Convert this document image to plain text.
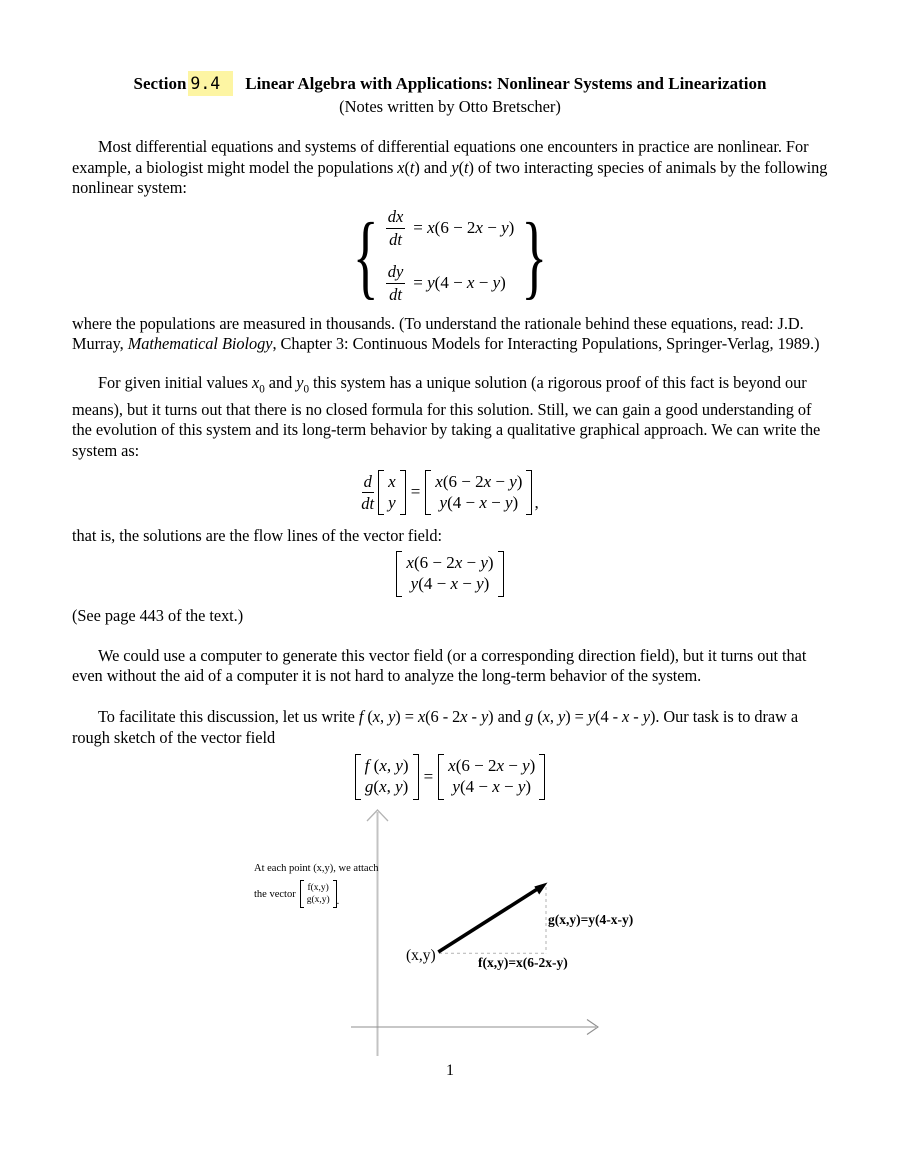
Section 9.4 Linear Algebra with Applications: Nonlinear Systems and Linearization
(Notes written by Otto Bretscher)

Most differential equations and systems of differential equations one encounters in practice are nonlinear. For example, a biologist might model the populations x(t) and y(t) of two interacting species of animals by the following nonlinear system:

{ $\frac{dx}{dt} = x(6 - 2x - y)$
$\frac{dy}{dt} = y(4 - x - y)$ }

where the populations are measured in thousands. (To understand the rationale behind these equations, read: J.D. Murray, Mathematical Biology, Chapter 3: Continuous Models for Interacting Populations, Springer-Verlag, 1989.)

For given initial values $x_0$ and $y_0$ this system has a unique solution (a rigorous proof of this fact is beyond our means), but it turns out that there is no closed formula for this solution. Still, we can gain a good understanding of the evolution of this system and its long-term behavior by taking a qualitative graphical approach. We can write the system as:

$\frac{d}{dt}$ x
y
=
x(6 − 2x − y)
y(4 − x − y) ,

that is, the solutions are the flow lines of the vector field:

x(6 − 2x − y)
y(4 − x − y)

(See page 443 of the text.)

We could use a computer to generate this vector field (or a corresponding direction field), but it turns out that even without the aid of a computer it is not hard to analyze the long-term behavior of the system.

To facilitate this discussion, let us write f (x, y) = x(6 - 2x - y) and g (x, y) = y(4 - x - y). Our task is to draw a rough sketch of the vector field

f (x, y)
g(x, y)
=
x(6 − 2x − y)
y(4 − x − y)
At each point (x,y), we attach
the vector
f(x,y)
g(x,y) .
(x,y)	f(x,y)=x(6-2x-y)
g(x,y)=y(4-x-y)
1
